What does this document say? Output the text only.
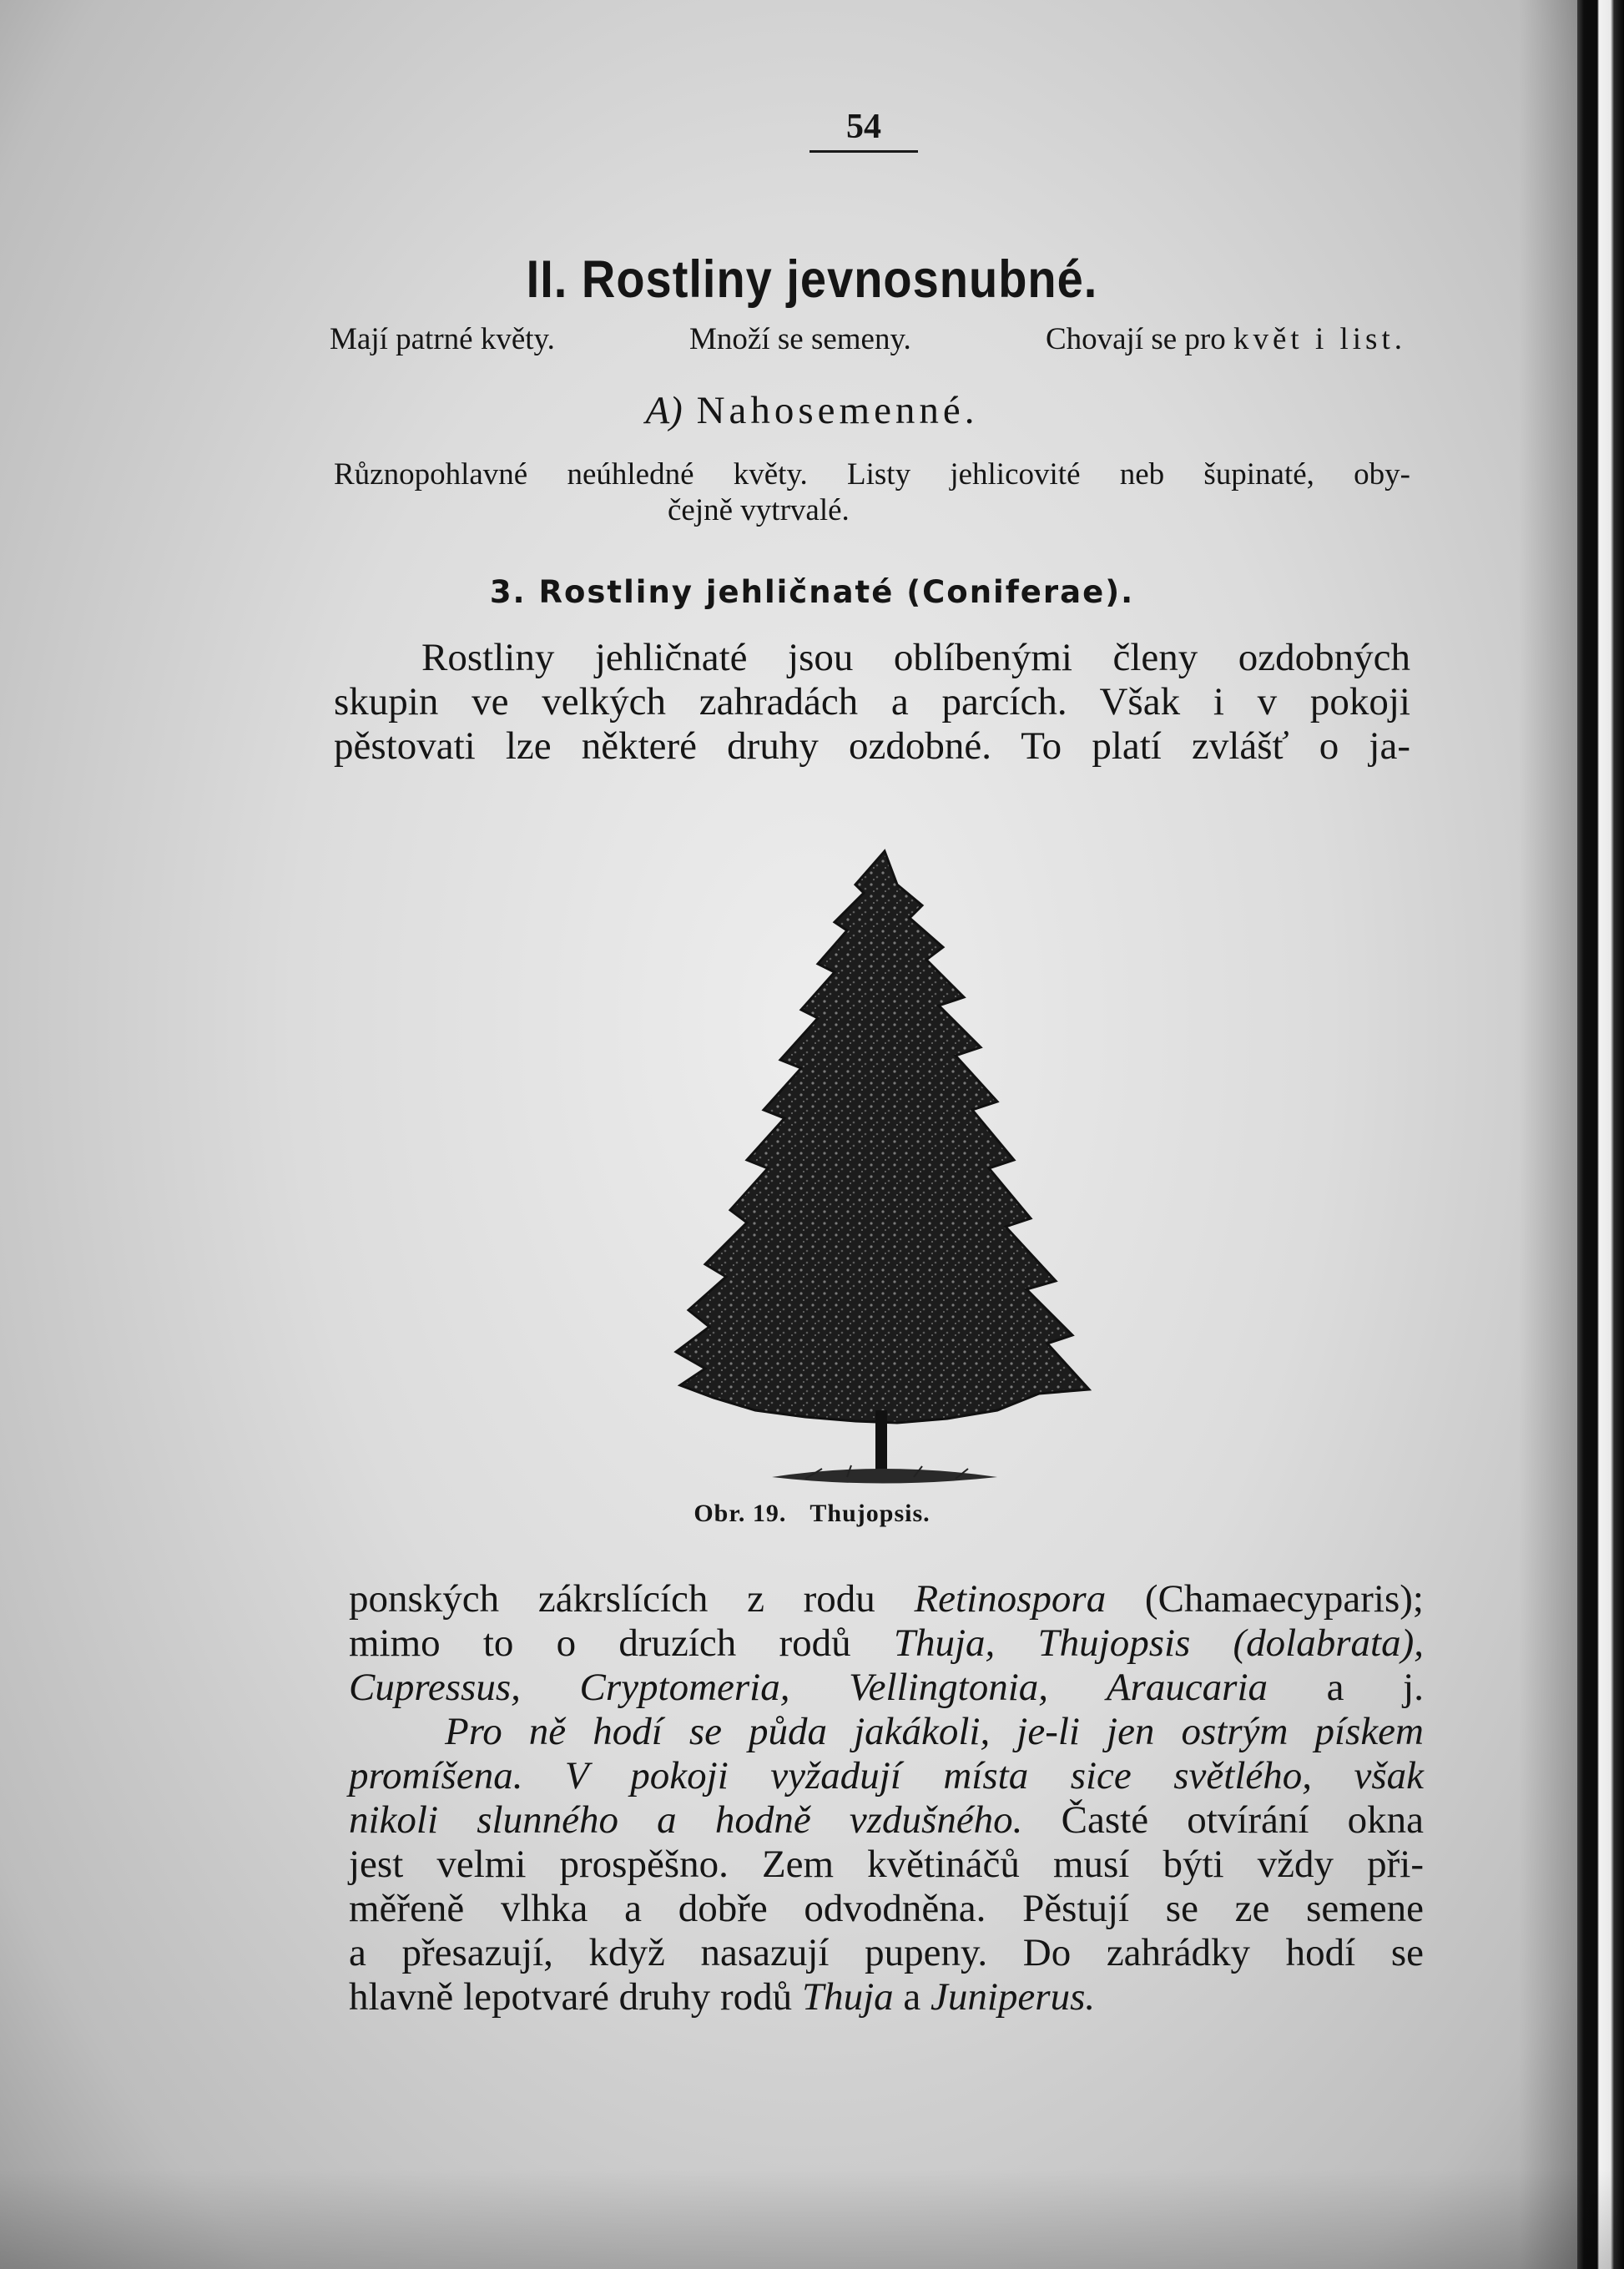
54
II. Rostliny jevnosnubné.
Mají patrné květy.	Množí se semeny.	Chovají se pro květ i list.
A) Nahosemenné.
Různopohlavné neúhledné květy. Listy jehlicovité neb šupinaté, oby-
čejně vytrvalé.
3. Rostliny jehličnaté (Coniferae).
Rostliny jehličnaté jsou oblíbenými členy ozdobných
skupin ve velkých zahradách a parcích. Však i v pokoji
pěstovati lze některé druhy ozdobné. To platí zvlášť o ja-
Obr. 19. Thujopsis.
ponských zákrslících z rodu Retinospora (Chamaecyparis);
mimo to o druzích rodů Thuja, Thujopsis (dolabrata),
Cupressus, Cryptomeria, Vellingtonia, Araucaria a j.
Pro ně hodí se půda jakákoli, je-li jen ostrým pískem
promíšena. V pokoji vyžadují místa sice světlého, však
nikoli slunného a hodně vzdušného. Časté otvírání okna
jest velmi prospěšno. Zem květináčů musí býti vždy při-
měřeně vlhka a dobře odvodněna. Pěstují se ze semene
a přesazují, když nasazují pupeny. Do zahrádky hodí se
hlavně lepotvaré druhy rodů Thuja a Juniperus.
